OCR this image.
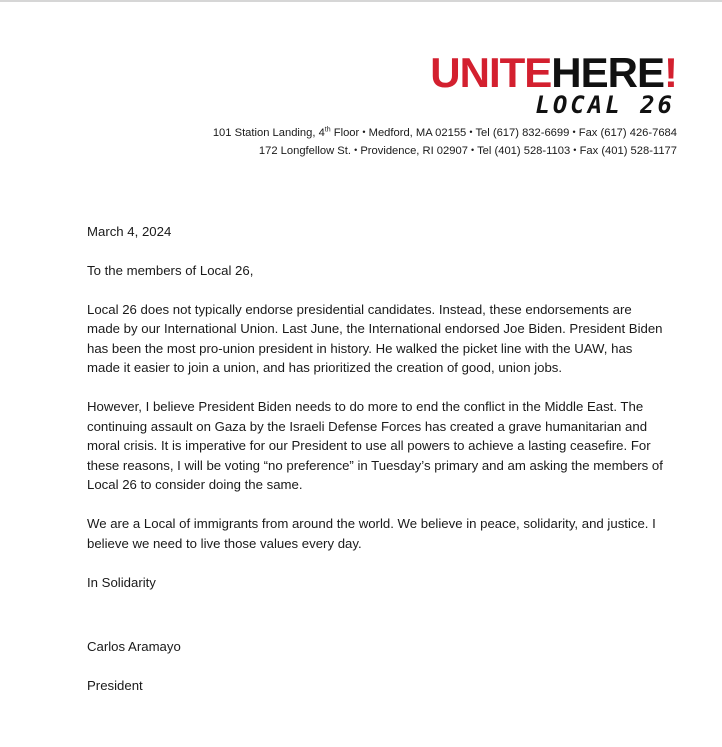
UNITEHERE!
LOCAL 26
101 Station Landing, 4th Floor • Medford, MA 02155 • Tel (617) 832-6699 • Fax (617) 426-7684
172 Longfellow St. • Providence, RI 02907 • Tel (401) 528-1103 • Fax (401) 528-1177

March 4, 2024

To the members of Local 26,

Local 26 does not typically endorse presidential candidates. Instead, these endorsements are made by our International Union. Last June, the International endorsed Joe Biden. President Biden has been the most pro-union president in history. He walked the picket line with the UAW, has made it easier to join a union, and has prioritized the creation of good, union jobs.

However, I believe President Biden needs to do more to end the conflict in the Middle East. The continuing assault on Gaza by the Israeli Defense Forces has created a grave humanitarian and moral crisis. It is imperative for our President to use all powers to achieve a lasting ceasefire. For these reasons, I will be voting “no preference” in Tuesday’s primary and am asking the members of Local 26 to consider doing the same.

We are a Local of immigrants from around the world. We believe in peace, solidarity, and justice. I believe we need to live those values every day.

In Solidarity

Carlos Aramayo

President
